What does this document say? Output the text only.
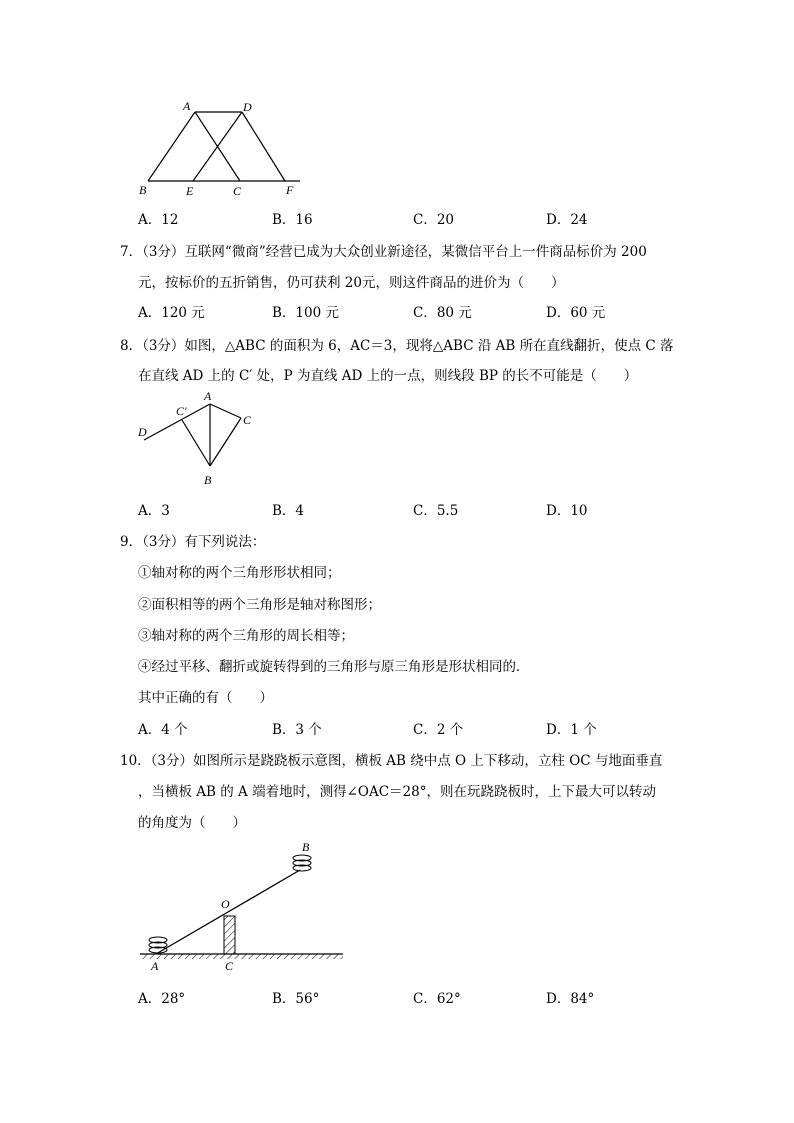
A	D
B	E	C	F
A．12	B．16	C．20	D．24
7．（3分）互联网“微商”经营已成为大众创业新途径，某微信平台上一件商品标价为 200
元，按标价的五折销售，仍可获利 20元，则这件商品的进价为（　　）
A．120 元	B．100 元	C．80 元	D．60 元
8．（3分）如图，△ABC 的面积为 6，AC＝3，现将△ABC 沿 AB 所在直线翻折，使点 C 落
在直线 AD 上的 C′ 处，P 为直线 AD 上的一点，则线段 BP 的长不可能是（　　）
A
C'
C
D
B
A．3	B．4	C．5.5	D．10
9．（3分）有下列说法：
①轴对称的两个三角形形状相同；
②面积相等的两个三角形是轴对称图形；
③轴对称的两个三角形的周长相等；
④经过平移、翻折或旋转得到的三角形与原三角形是形状相同的．
其中正确的有（　　）
A．4 个	B．3 个	C．2 个	D．1 个
10．（3分）如图所示是跷跷板示意图，横板 AB 绕中点 O 上下移动，立柱 OC 与地面垂直
，当横板 AB 的 A 端着地时，测得∠OAC＝28°，则在玩跷跷板时，上下最大可以转动
的角度为（　　）
B
O
A	C
A．28°	B．56°	C．62°	D．84°
